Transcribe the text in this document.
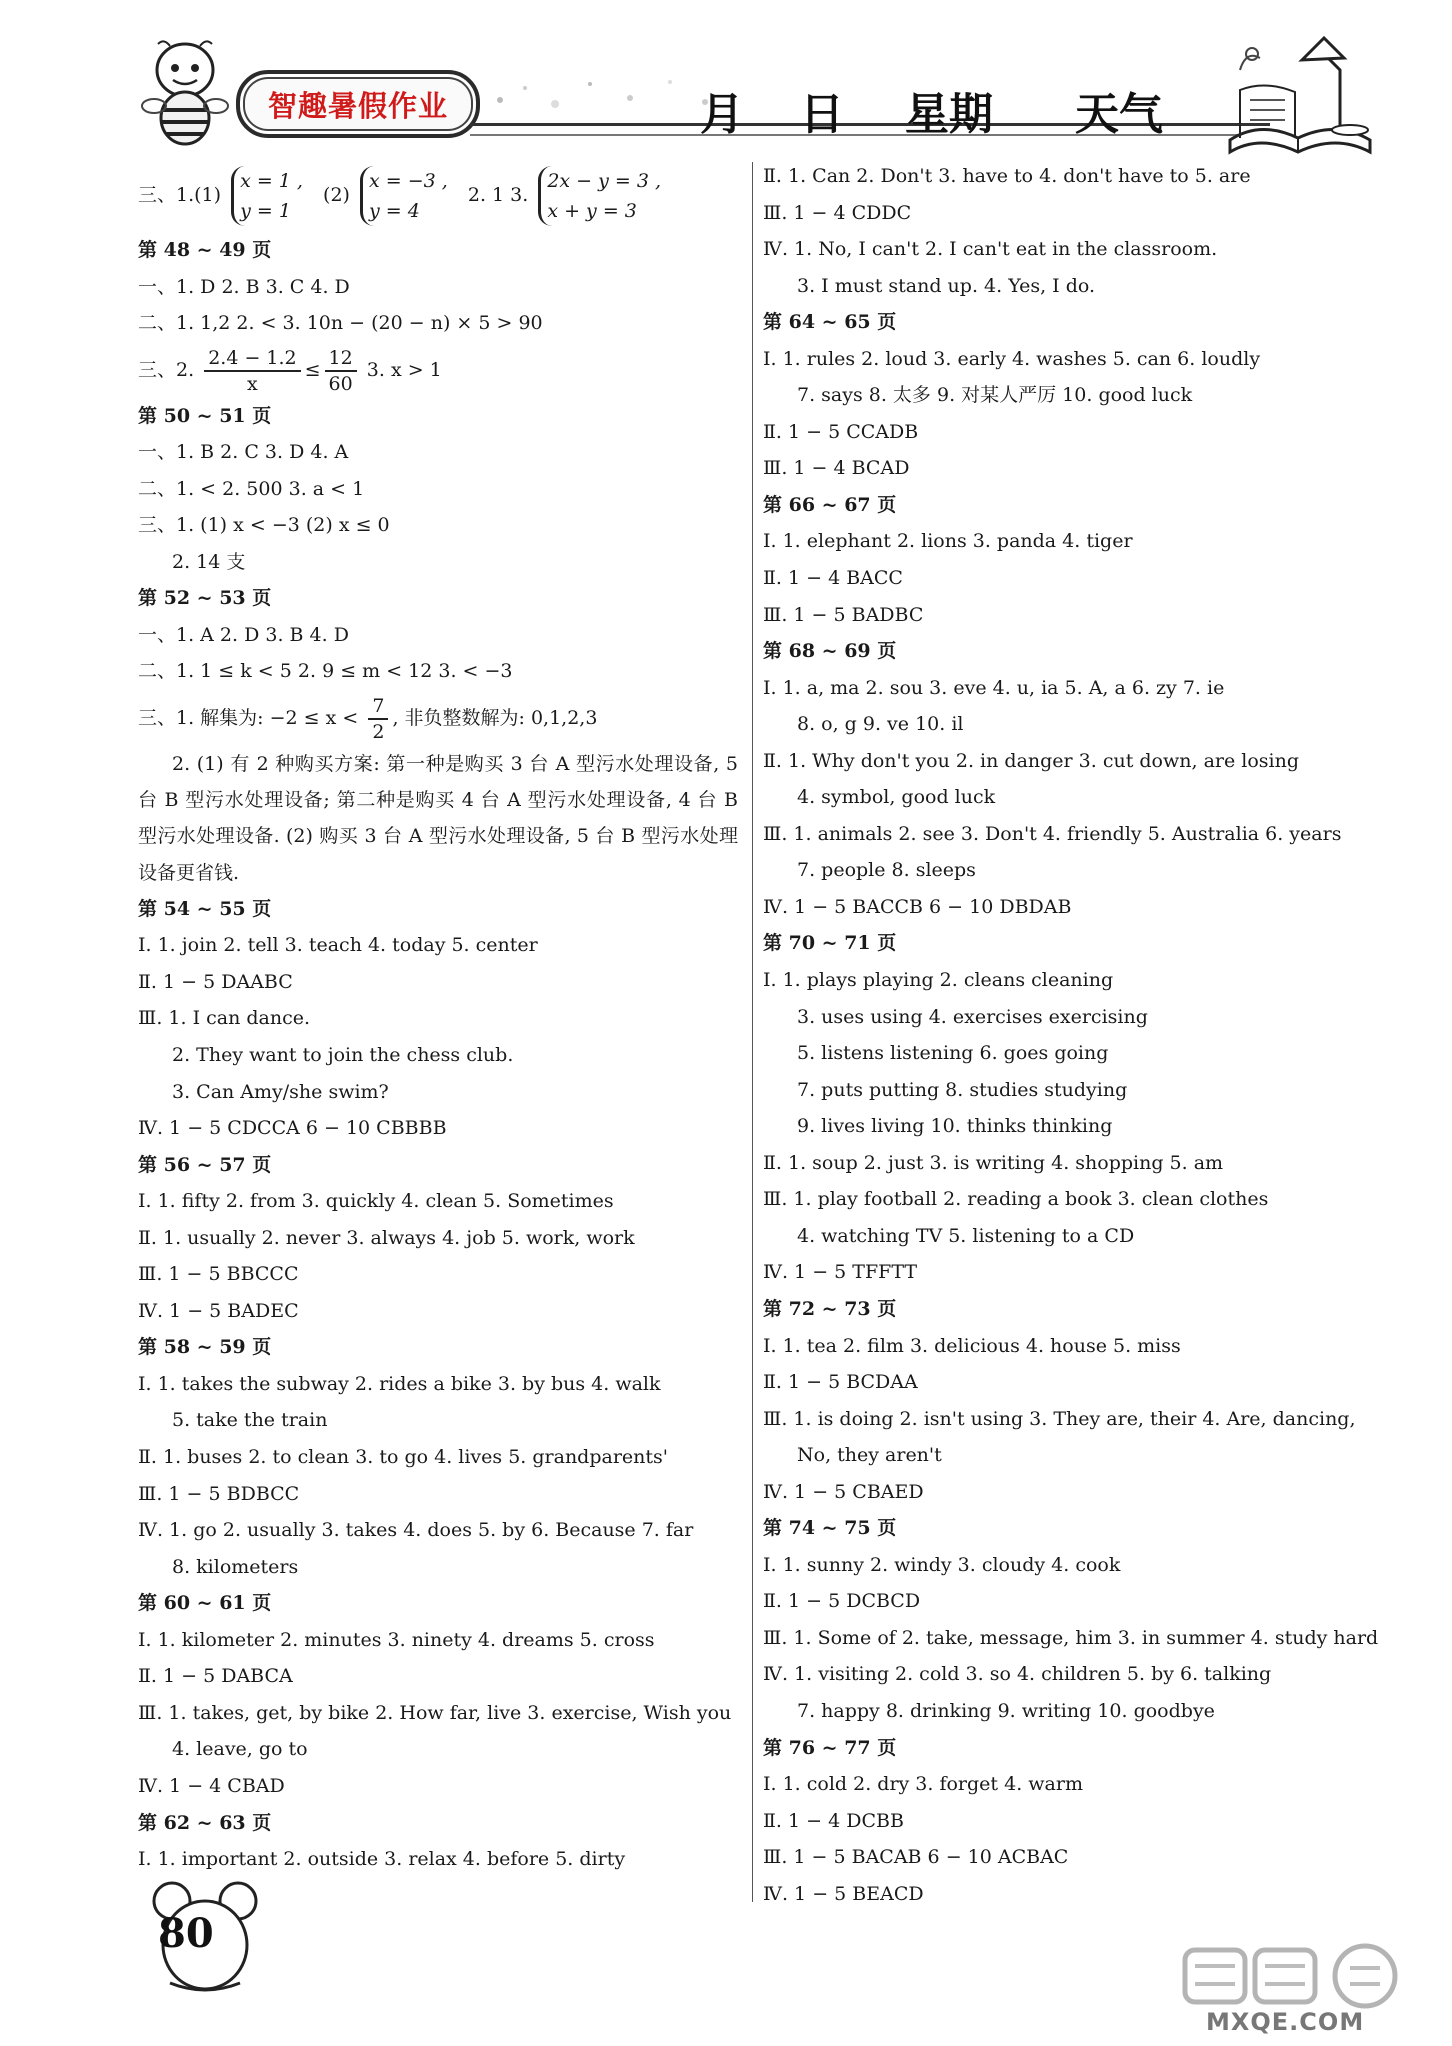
智趣暑假作业	月 日 星期 天气
三、1.(1) x = 1 ,
y = 1 (2) x = −3 ,
y = 4 2. 1 3. 2x − y = 3 ,
x + y = 3
第 48 ~ 49 页
一、1. D 2. B 3. C 4. D
二、1. 1,2 2. < 3. 10n − (20 − n) × 5 > 90
三、2. $\frac{2.4 - 1.2}{x} \le \frac{12}{60} 3$. x > 1
第 50 ~ 51 页
一、1. B 2. C 3. D 4. A
二、1. < 2. 500 3. a < 1
三、1. (1) x < −3 (2) x ≤ 0
2. 14 支
第 52 ~ 53 页
一、1. A 2. D 3. B 4. D
二、1. 1 ≤ k < 5 2. 9 ≤ m < 12 3. < −3
三、1. 解集为: $-2 \le x < \frac{7}{2}$ , 非负整数解为: 0,1,2,3
2. (1) 有 2 种购买方案: 第一种是购买 3 台 A 型污水处理设备, 5 台 B 型污水处理设备; 第二种是购买 4 台 A 型污水处理设备, 4 台 B 型污水处理设备. (2) 购买 3 台 A 型污水处理设备, 5 台 B 型污水处理设备更省钱.
第 54 ~ 55 页
Ⅰ. 1. join 2. tell 3. teach 4. today 5. center
Ⅱ. 1 − 5 DAABC
Ⅲ. 1. I can dance.
2. They want to join the chess club.
3. Can Amy/she swim?
Ⅳ. 1 − 5 CDCCA 6 − 10 CBBBB
第 56 ~ 57 页
Ⅰ. 1. fifty 2. from 3. quickly 4. clean 5. Sometimes
Ⅱ. 1. usually 2. never 3. always 4. job 5. work, work
Ⅲ. 1 − 5 BBCCC
Ⅳ. 1 − 5 BADEC
第 58 ~ 59 页
Ⅰ. 1. takes the subway 2. rides a bike 3. by bus 4. walk
5. take the train
Ⅱ. 1. buses 2. to clean 3. to go 4. lives 5. grandparents'
Ⅲ. 1 − 5 BDBCC
Ⅳ. 1. go 2. usually 3. takes 4. does 5. by 6. Because 7. far
8. kilometers
第 60 ~ 61 页
Ⅰ. 1. kilometer 2. minutes 3. ninety 4. dreams 5. cross
Ⅱ. 1 − 5 DABCA
Ⅲ. 1. takes, get, by bike 2. How far, live 3. exercise, Wish you
4. leave, go to
Ⅳ. 1 − 4 CBAD
第 62 ~ 63 页
Ⅰ. 1. important 2. outside 3. relax 4. before 5. dirty
Ⅱ. 1. Can 2. Don't 3. have to 4. don't have to 5. are
Ⅲ. 1 − 4 CDDC
Ⅳ. 1. No, I can't 2. I can't eat in the classroom.
3. I must stand up. 4. Yes, I do.
第 64 ~ 65 页
Ⅰ. 1. rules 2. loud 3. early 4. washes 5. can 6. loudly
7. says 8. 太多 9. 对某人严厉 10. good luck
Ⅱ. 1 − 5 CCADB
Ⅲ. 1 − 4 BCAD
第 66 ~ 67 页
Ⅰ. 1. elephant 2. lions 3. panda 4. tiger
Ⅱ. 1 − 4 BACC
Ⅲ. 1 − 5 BADBC
第 68 ~ 69 页
Ⅰ. 1. a, ma 2. sou 3. eve 4. u, ia 5. A, a 6. zy 7. ie
8. o, g 9. ve 10. il
Ⅱ. 1. Why don't you 2. in danger 3. cut down, are losing
4. symbol, good luck
Ⅲ. 1. animals 2. see 3. Don't 4. friendly 5. Australia 6. years
7. people 8. sleeps
Ⅳ. 1 − 5 BACCB 6 − 10 DBDAB
第 70 ~ 71 页
Ⅰ. 1. plays playing 2. cleans cleaning
3. uses using 4. exercises exercising
5. listens listening 6. goes going
7. puts putting 8. studies studying
9. lives living 10. thinks thinking
Ⅱ. 1. soup 2. just 3. is writing 4. shopping 5. am
Ⅲ. 1. play football 2. reading a book 3. clean clothes
4. watching TV 5. listening to a CD
Ⅳ. 1 − 5 TFFTT
第 72 ~ 73 页
Ⅰ. 1. tea 2. film 3. delicious 4. house 5. miss
Ⅱ. 1 − 5 BCDAA
Ⅲ. 1. is doing 2. isn't using 3. They are, their 4. Are, dancing,
No, they aren't
Ⅳ. 1 − 5 CBAED
第 74 ~ 75 页
Ⅰ. 1. sunny 2. windy 3. cloudy 4. cook
Ⅱ. 1 − 5 DCBCD
Ⅲ. 1. Some of 2. take, message, him 3. in summer 4. study hard
Ⅳ. 1. visiting 2. cold 3. so 4. children 5. by 6. talking
7. happy 8. drinking 9. writing 10. goodbye
第 76 ~ 77 页
Ⅰ. 1. cold 2. dry 3. forget 4. warm
Ⅱ. 1 − 4 DCBB
Ⅲ. 1 − 5 BACAB 6 − 10 ACBAC
Ⅳ. 1 − 5 BEACD
80
MXQE.COM
